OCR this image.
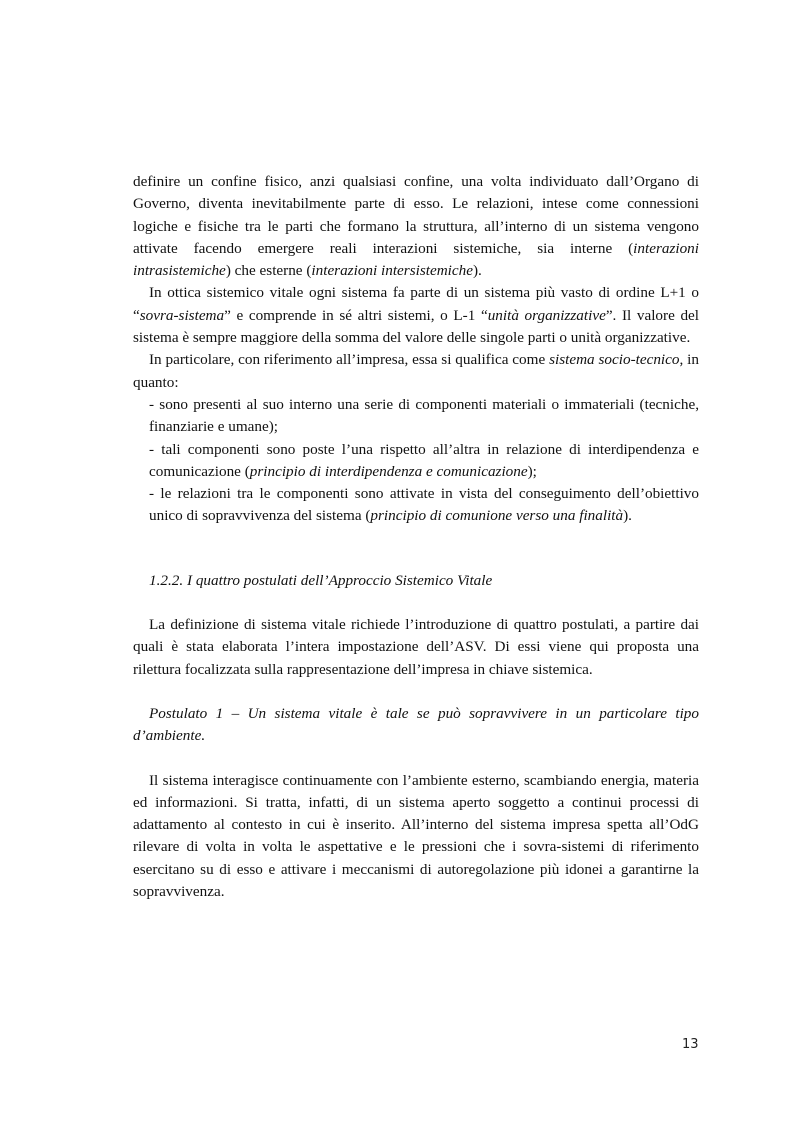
definire un confine fisico, anzi qualsiasi confine, una volta individuato dall’Organo di Governo, diventa inevitabilmente parte di esso. Le relazioni, intese come connessioni logiche e fisiche tra le parti che formano la struttura, all’interno di un sistema vengono attivate facendo emergere reali interazioni sistemiche, sia interne (interazioni intrasistemiche) che esterne (interazioni intersistemiche).

In ottica sistemico vitale ogni sistema fa parte di un sistema più vasto di ordine L+1 o “sovra-sistema” e comprende in sé altri sistemi, o L-1 “unità organizzative”. Il valore del sistema è sempre maggiore della somma del valore delle singole parti o unità organizzative.

In particolare, con riferimento all’impresa, essa si qualifica come sistema socio-tecnico, in quanto:

- sono presenti al suo interno una serie di componenti materiali o immateriali (tecniche, finanziarie e umane);
- tali componenti sono poste l’una rispetto all’altra in relazione di interdipendenza e comunicazione (principio di interdipendenza e comunicazione);
- le relazioni tra le componenti sono attivate in vista del conseguimento dell’obiettivo unico di sopravvivenza del sistema (principio di comunione verso una finalità).

1.2.2. I quattro postulati dell’Approccio Sistemico Vitale

La definizione di sistema vitale richiede l’introduzione di quattro postulati, a partire dai quali è stata elaborata l’intera impostazione dell’ASV. Di essi viene qui proposta una rilettura focalizzata sulla rappresentazione dell’impresa in chiave sistemica.

Postulato 1 – Un sistema vitale è tale se può sopravvivere in un particolare tipo d’ambiente.

Il sistema interagisce continuamente con l’ambiente esterno, scambiando energia, materia ed informazioni. Si tratta, infatti, di un sistema aperto soggetto a continui processi di adattamento al contesto in cui è inserito. All’interno del sistema impresa spetta all’OdG rilevare di volta in volta le aspettative e le pressioni che i sovra-sistemi di riferimento esercitano su di esso e attivare i meccanismi di autoregolazione più idonei a garantirne la sopravvivenza.

13
